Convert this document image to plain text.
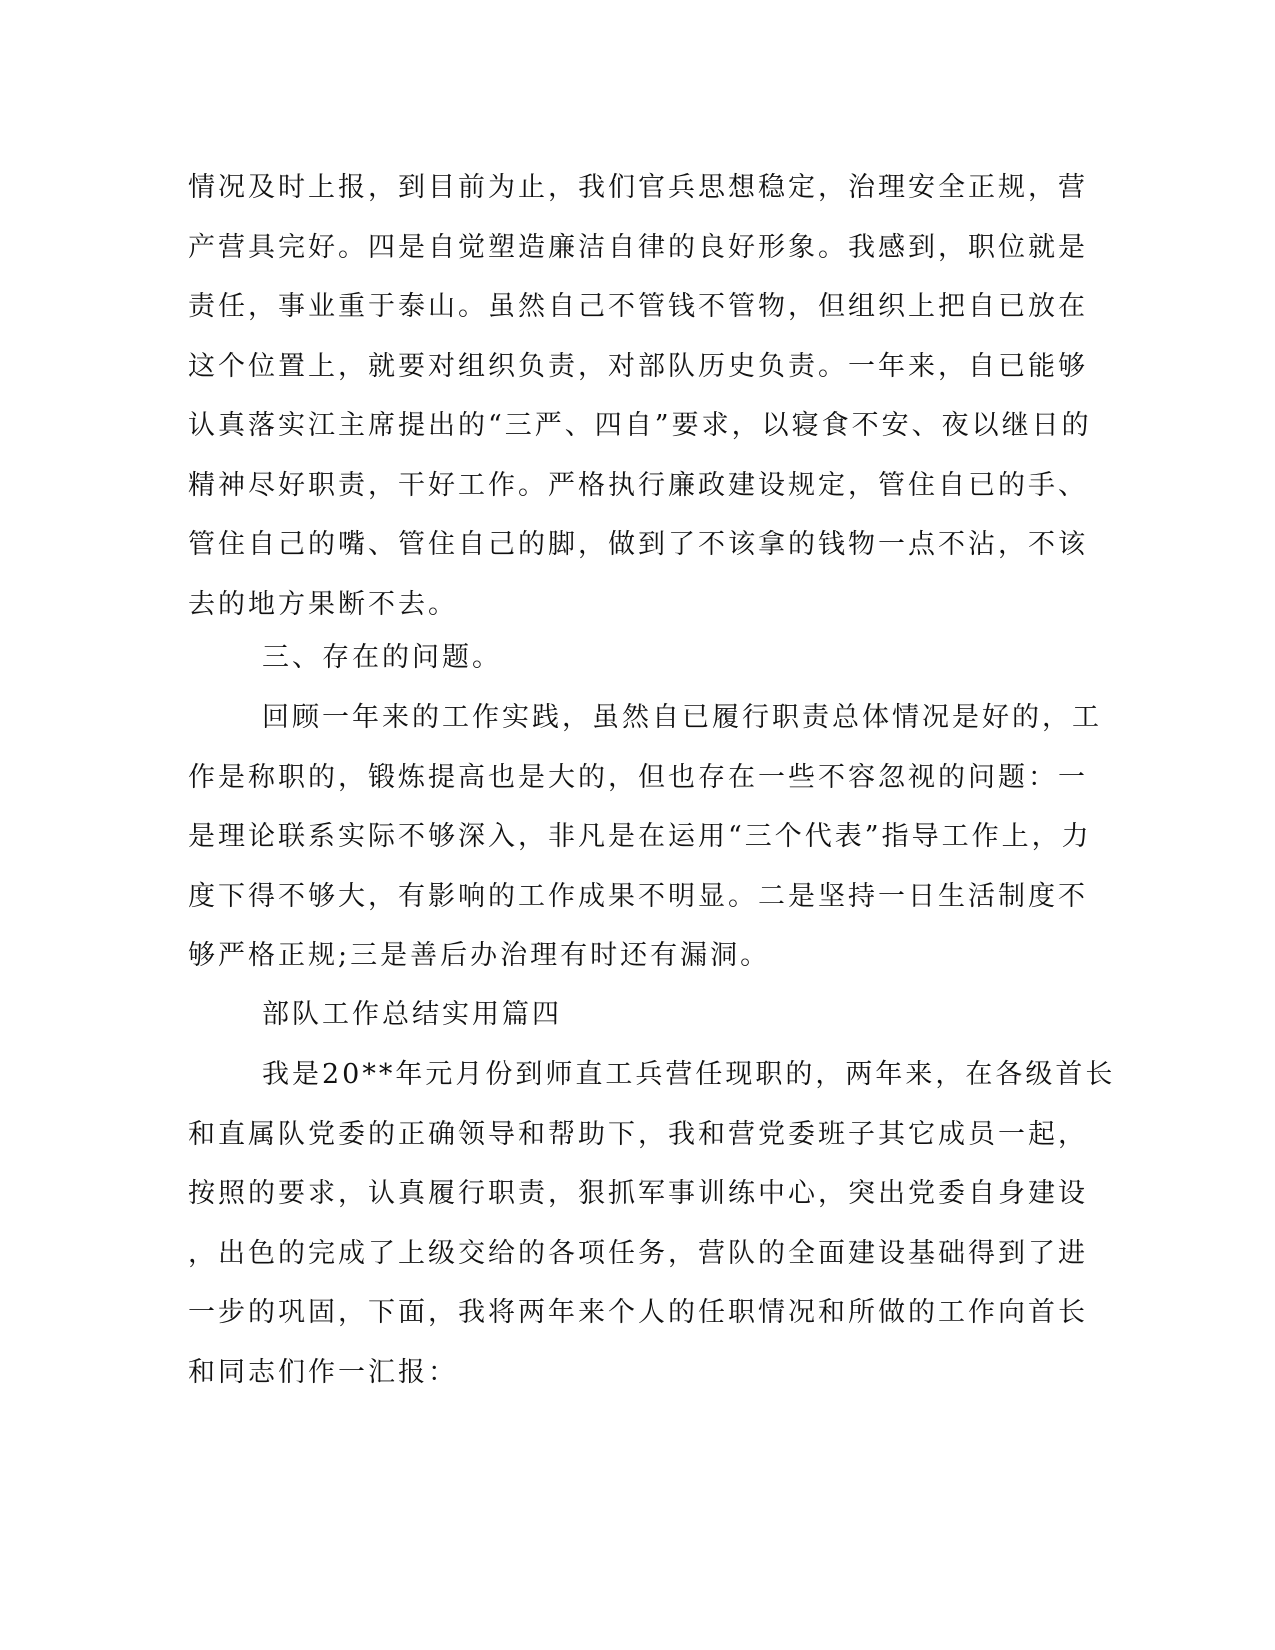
情况及时上报，到目前为止，我们官兵思想稳定，治理安全正规，营
产营具完好。四是自觉塑造廉洁自律的良好形象。我感到，职位就是
责任，事业重于泰山。虽然自己不管钱不管物，但组织上把自已放在
这个位置上，就要对组织负责，对部队历史负责。一年来，自已能够
认真落实江主席提出的“三严、四自”要求，以寝食不安、夜以继日的
精神尽好职责，干好工作。严格执行廉政建设规定，管住自已的手、
管住自己的嘴、管住自己的脚，做到了不该拿的钱物一点不沾，不该
去的地方果断不去。
三、存在的问题。
回顾一年来的工作实践，虽然自已履行职责总体情况是好的，工
作是称职的，锻炼提高也是大的，但也存在一些不容忽视的问题：一
是理论联系实际不够深入，非凡是在运用“三个代表”指导工作上，力
度下得不够大，有影响的工作成果不明显。二是坚持一日生活制度不
够严格正规;三是善后办治理有时还有漏洞。
部队工作总结实用篇四
我是20**年元月份到师直工兵营任现职的，两年来，在各级首长
和直属队党委的正确领导和帮助下，我和营党委班子其它成员一起，
按照的要求，认真履行职责，狠抓军事训练中心，突出党委自身建设
，出色的完成了上级交给的各项任务，营队的全面建设基础得到了进
一步的巩固，下面，我将两年来个人的任职情况和所做的工作向首长
和同志们作一汇报：
